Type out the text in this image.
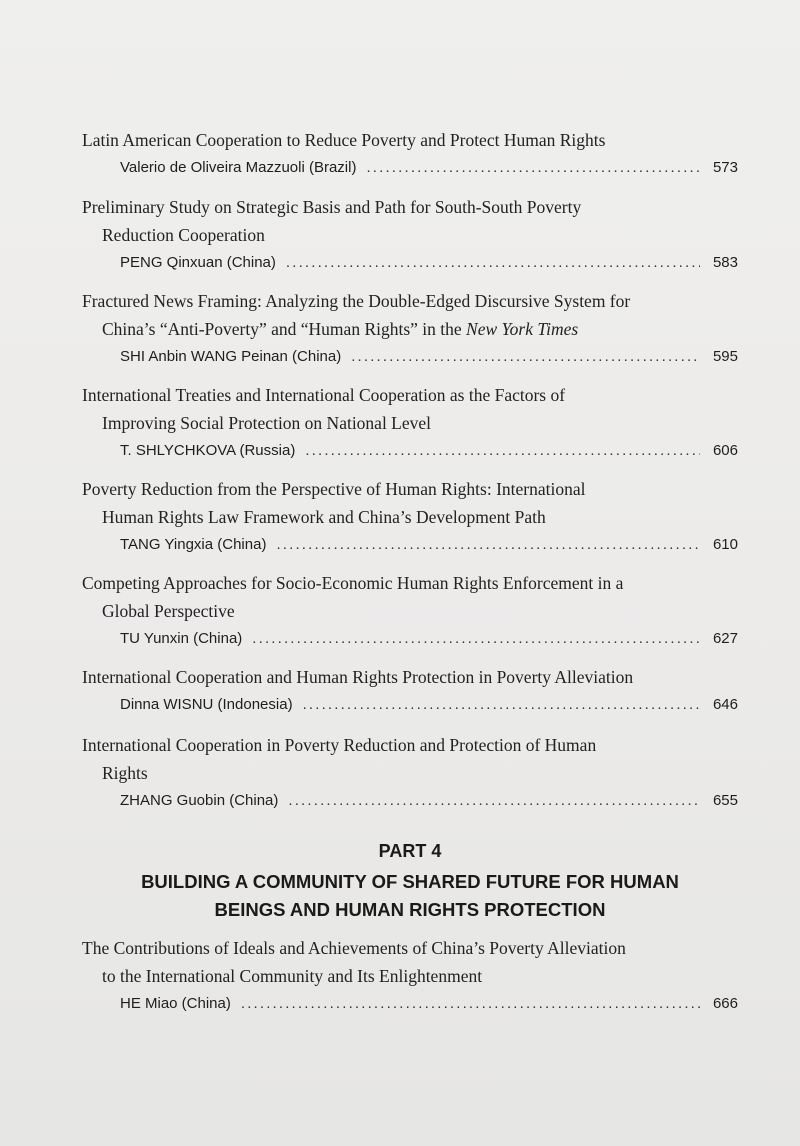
Latin American Cooperation to Reduce Poverty and Protect Human Rights
Valerio de Oliveira Mazzuoli (Brazil) . . .	573
Preliminary Study on Strategic Basis and Path for South-South Poverty
Reduction Cooperation
PENG Qinxuan (China) . . .	583
Fractured News Framing: Analyzing the Double-Edged Discursive System for
China’s “Anti-Poverty” and “Human Rights” in the New York Times
SHI Anbin WANG Peinan (China) . . .	595
International Treaties and International Cooperation as the Factors of
Improving Social Protection on National Level
T. SHLYCHKOVA (Russia) . . .	606
Poverty Reduction from the Perspective of Human Rights: International
Human Rights Law Framework and China’s Development Path
TANG Yingxia (China) . . .	610
Competing Approaches for Socio-Economic Human Rights Enforcement in a
Global Perspective
TU Yunxin (China) . . .	627
International Cooperation and Human Rights Protection in Poverty Alleviation
Dinna WISNU (Indonesia) . . .	646
International Cooperation in Poverty Reduction and Protection of Human
Rights
ZHANG Guobin (China) . . .	655
PART 4
BUILDING A COMMUNITY OF SHARED FUTURE FOR HUMAN
BEINGS AND HUMAN RIGHTS PROTECTION
The Contributions of Ideals and Achievements of China’s Poverty Alleviation
to the International Community and Its Enlightenment
HE Miao (China) . . .	666
